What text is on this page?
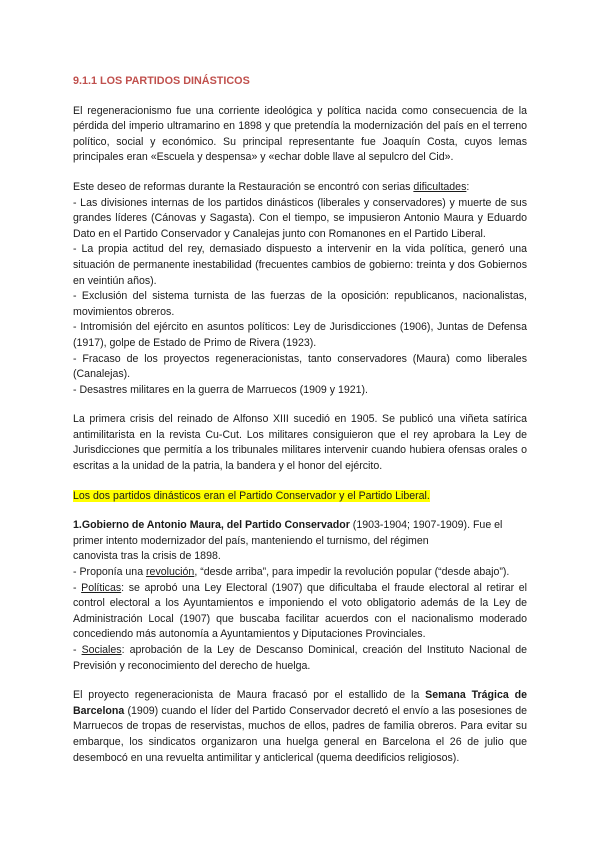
9.1.1 LOS PARTIDOS DINÁSTICOS

El regeneracionismo fue una corriente ideológica y política nacida como consecuencia de la pérdida del imperio ultramarino en 1898 y que pretendía la modernización del país en el terreno político, social y económico. Su principal representante fue Joaquín Costa, cuyos lemas principales eran «Escuela y despensa» y «echar doble llave al sepulcro del Cid».

Este deseo de reformas durante la Restauración se encontró con serias dificultades:

- Las divisiones internas de los partidos dinásticos (liberales y conservadores) y muerte de sus grandes líderes (Cánovas y Sagasta). Con el tiempo, se impusieron Antonio Maura y Eduardo Dato en el Partido Conservador y Canalejas junto con Romanones en el Partido Liberal.

- La propia actitud del rey, demasiado dispuesto a intervenir en la vida política, generó una situación de permanente inestabilidad (frecuentes cambios de gobierno: treinta y dos Gobiernos en veintiún años).

- Exclusión del sistema turnista de las fuerzas de la oposición: republicanos, nacionalistas, movimientos obreros.

- Intromisión del ejército en asuntos políticos: Ley de Jurisdicciones (1906), Juntas de Defensa (1917), golpe de Estado de Primo de Rivera (1923).

- Fracaso de los proyectos regeneracionistas, tanto conservadores (Maura) como liberales (Canalejas).

- Desastres militares en la guerra de Marruecos (1909 y 1921).

La primera crisis del reinado de Alfonso XIII sucedió en 1905. Se publicó una viñeta satírica antimilitarista en la revista Cu-Cut. Los militares consiguieron que el rey aprobara la Ley de Jurisdicciones que permitía a los tribunales militares intervenir cuando hubiera ofensas orales o escritas a la unidad de la patria, la bandera y el honor del ejército.

Los dos partidos dinásticos eran el Partido Conservador y el Partido Liberal.

1.Gobierno de Antonio Maura, del Partido Conservador (1903-1904; 1907-1909). Fue el

primer intento modernizador del país, manteniendo el turnismo, del régimen

canovista tras la crisis de 1898.

- Proponía una revolución, “desde arriba”, para impedir la revolución popular (“desde abajo”).

- Políticas: se aprobó una Ley Electoral (1907) que dificultaba el fraude electoral al retirar el control electoral a los Ayuntamientos e imponiendo el voto obligatorio además de la Ley de Administración Local (1907) que buscaba facilitar acuerdos con el nacionalismo moderado concediendo más autonomía a Ayuntamientos y Diputaciones Provinciales.

- Sociales: aprobación de la Ley de Descanso Dominical, creación del Instituto Nacional de Previsión y reconocimiento del derecho de huelga.

El proyecto regeneracionista de Maura fracasó por el estallido de la Semana Trágica de Barcelona (1909) cuando el líder del Partido Conservador decretó el envío a las posesiones de Marruecos de tropas de reservistas, muchos de ellos, padres de familia obreros. Para evitar su embarque, los sindicatos organizaron una huelga general en Barcelona el 26 de julio que desembocó en una revuelta antimilitar y anticlerical (quema deedificios religiosos).
